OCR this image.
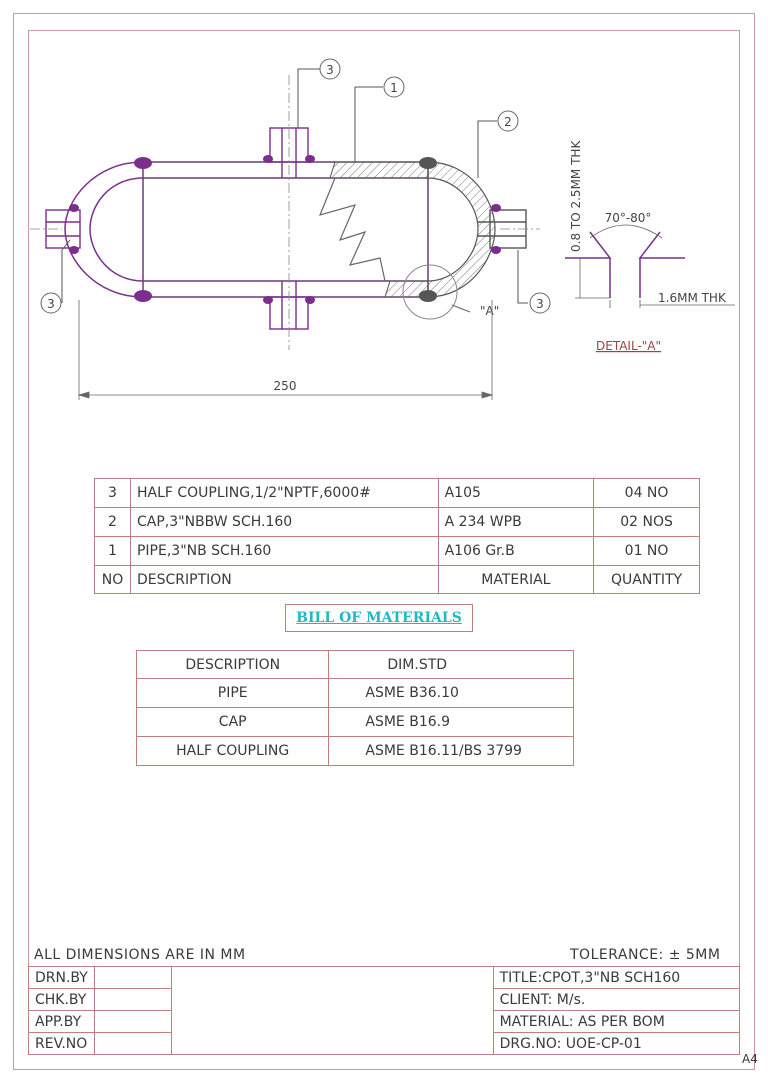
3
1
2
3	3
"A"
250
70°-80°
1.6MM THK
0.8 TO 2.5MM THK
DETAIL-"A"
3	HALF COUPLING,1/2"NPTF,6000#	A105	04 NO
2	CAP,3"NBBW SCH.160	A 234 WPB	02 NOS
1	PIPE,3"NB SCH.160	A106 Gr.B	01 NO
NO	DESCRIPTION	MATERIAL	QUANTITY
BILL OF MATERIALS
DESCRIPTION	DIM.STD
PIPE	ASME B36.10
CAP	ASME B16.9
HALF COUPLING	ASME B16.11/BS 3799
ALL DIMENSIONS ARE IN MM	TOLERANCE: ± 5MM
DRN.BY			TITLE:CPOT,3"NB SCH160
CHK.BY			CLIENT: M/s.
APP.BY			MATERIAL: AS PER BOM
REV.NO			DRG.NO: UOE-CP-01
A4
